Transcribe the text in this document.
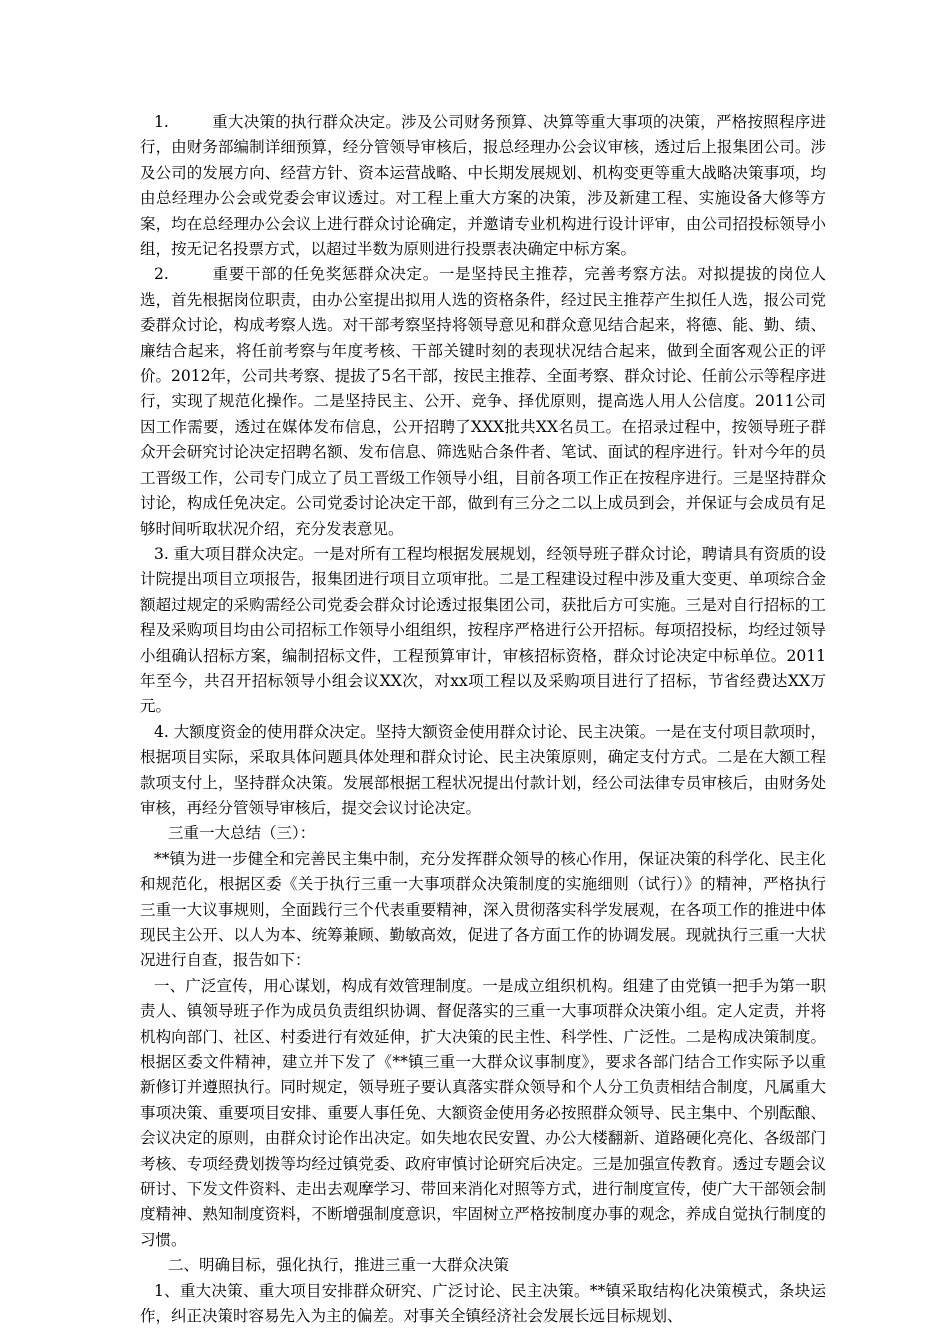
1.	重大决策的执行群众决定。涉及公司财务预算、决算等重大事项的决策，严格按照程序进行，由财务部编制详细预算，经分管领导审核后，报总经理办公会议审核，透过后上报集团公司。涉及公司的发展方向、经营方针、资本运营战略、中长期发展规划、机构变更等重大战略决策事项，均由总经理办公会或党委会审议透过。对工程上重大方案的决策，涉及新建工程、实施设备大修等方案，均在总经理办公会议上进行群众讨论确定，并邀请专业机构进行设计评审，由公司招投标领导小组，按无记名投票方式，以超过半数为原则进行投票表决确定中标方案。

2.	重要干部的任免奖惩群众决定。一是坚持民主推荐，完善考察方法。对拟提拔的岗位人选，首先根据岗位职责，由办公室提出拟用人选的资格条件，经过民主推荐产生拟任人选，报公司党委群众讨论，构成考察人选。对干部考察坚持将领导意见和群众意见结合起来，将德、能、勤、绩、廉结合起来，将任前考察与年度考核、干部关键时刻的表现状况结合起来，做到全面客观公正的评价。2012年，公司共考察、提拔了5名干部，按民主推荐、全面考察、群众讨论、任前公示等程序进行，实现了规范化操作。二是坚持民主、公开、竞争、择优原则，提高选人用人公信度。2011公司因工作需要，透过在媒体发布信息，公开招聘了XXX批共XX名员工。在招录过程中，按领导班子群众开会研究讨论决定招聘名额、发布信息、筛选贴合条件者、笔试、面试的程序进行。针对今年的员工晋级工作，公司专门成立了员工晋级工作领导小组，目前各项工作正在按程序进行。三是坚持群众讨论，构成任免决定。公司党委讨论决定干部，做到有三分之二以上成员到会，并保证与会成员有足够时间听取状况介绍，充分发表意见。

3. 重大项目群众决定。一是对所有工程均根据发展规划，经领导班子群众讨论，聘请具有资质的设计院提出项目立项报告，报集团进行项目立项审批。二是工程建设过程中涉及重大变更、单项综合金额超过规定的采购需经公司党委会群众讨论透过报集团公司，获批后方可实施。三是对自行招标的工程及采购项目均由公司招标工作领导小组组织，按程序严格进行公开招标。每项招投标，均经过领导小组确认招标方案，编制招标文件，工程预算审计，审核招标资格，群众讨论决定中标单位。2011年至今，共召开招标领导小组会议XX次，对xx项工程以及采购项目进行了招标，节省经费达XX万元。

4. 大额度资金的使用群众决定。坚持大额资金使用群众讨论、民主决策。一是在支付项目款项时，根据项目实际，采取具体问题具体处理和群众讨论、民主决策原则，确定支付方式。二是在大额工程款项支付上，坚持群众决策。发展部根据工程状况提出付款计划，经公司法律专员审核后，由财务处审核，再经分管领导审核后，提交会议讨论决定。

三重一大总结（三）：

**镇为进一步健全和完善民主集中制，充分发挥群众领导的核心作用，保证决策的科学化、民主化和规范化，根据区委《关于执行三重一大事项群众决策制度的实施细则（试行）》的精神，严格执行三重一大议事规则，全面践行三个代表重要精神，深入贯彻落实科学发展观，在各项工作的推进中体现民主公开、以人为本、统筹兼顾、勤敏高效，促进了各方面工作的协调发展。现就执行三重一大状况进行自查，报告如下：

一、广泛宣传，用心谋划，构成有效管理制度。一是成立组织机构。组建了由党镇一把手为第一职责人、镇领导班子作为成员负责组织协调、督促落实的三重一大事项群众决策小组。定人定责，并将机构向部门、社区、村委进行有效延伸，扩大决策的民主性、科学性、广泛性。二是构成决策制度。根据区委文件精神，建立并下发了《**镇三重一大群众议事制度》，要求各部门结合工作实际予以重新修订并遵照执行。同时规定，领导班子要认真落实群众领导和个人分工负责相结合制度，凡属重大事项决策、重要项目安排、重要人事任免、大额资金使用务必按照群众领导、民主集中、个别酝酿、会议决定的原则，由群众讨论作出决定。如失地农民安置、办公大楼翻新、道路硬化亮化、各级部门考核、专项经费划拨等均经过镇党委、政府审慎讨论研究后决定。三是加强宣传教育。透过专题会议研讨、下发文件资料、走出去观摩学习、带回来消化对照等方式，进行制度宣传，使广大干部领会制度精神、熟知制度资料，不断增强制度意识，牢固树立严格按制度办事的观念，养成自觉执行制度的习惯。

二、明确目标，强化执行，推进三重一大群众决策

1、重大决策、重大项目安排群众研究、广泛讨论、民主决策。**镇采取结构化决策模式，条块运作，纠正决策时容易先入为主的偏差。对事关全镇经济社会发展长远目标规划、
